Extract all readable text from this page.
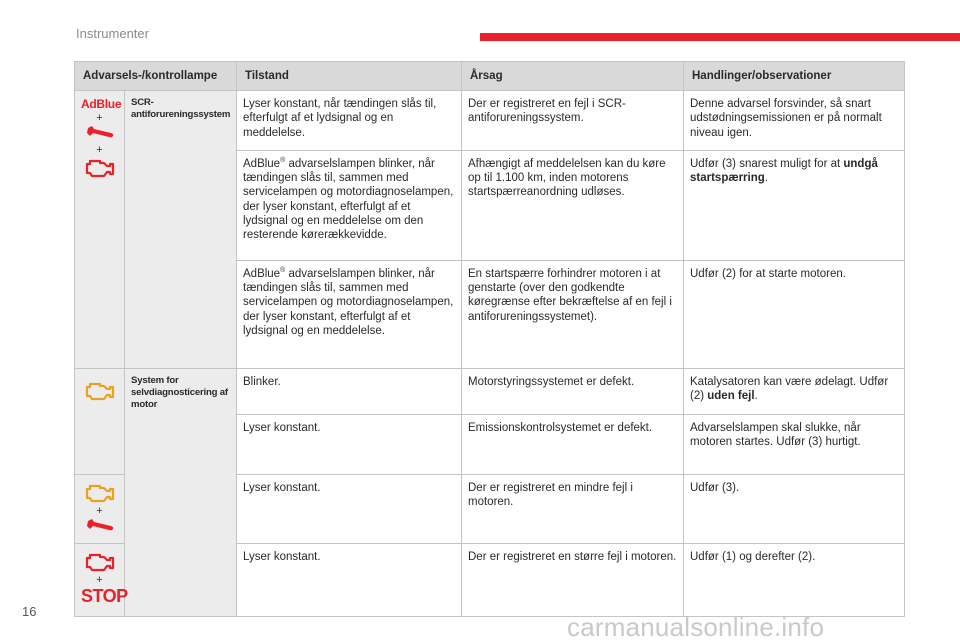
Instrumenter
Advarsels-/kontrollampe		Tilstand	Årsag	Handlinger/observationer
AdBlue
+
+	SCR-antiforureningssystem	Lyser konstant, når tændingen slås til, efterfulgt af et lydsignal og en meddelelse.	Der er registreret en fejl i SCR-antiforureningssystem.	Denne advarsel forsvinder, så snart udstødningsemissionen er på normalt niveau igen.
		AdBlue® advarselslampen blinker, når tændingen slås til, sammen med servicelampen og motordiagnoselampen, der lyser konstant, efterfulgt af et lydsignal og en meddelelse om den resterende kørerækkevidde.	Afhængigt af meddelelsen kan du køre op til 1.100 km, inden motorens startspærreanordning udløses.	Udfør (3) snarest muligt for at undgå startspærring.
		AdBlue® advarselslampen blinker, når tændingen slås til, sammen med servicelampen og motordiagnoselampen, der lyser konstant, efterfulgt af et lydsignal og en meddelelse.	En startspærre forhindrer motoren i at genstarte (over den godkendte køregrænse efter bekræftelse af en fejl i antiforureningssystemet).	Udfør (2) for at starte motoren.

	System for selvdiagnosticering af motor	Blinker.	Motorstyringssystemet er defekt.	Katalysatoren kan være ødelagt. Udfør (2) uden fejl.
		Lyser konstant.	Emissionskontrolsystemet er defekt.	Advarselslampen skal slukke, når motoren startes. Udfør (3) hurtigt.

+		Lyser konstant.	Der er registreret en mindre fejl i motoren.	Udfør (3).

+
STOP		Lyser konstant.	Der er registreret en større fejl i motoren.	Udfør (1) og derefter (2).
16
carmanualsonline.info
